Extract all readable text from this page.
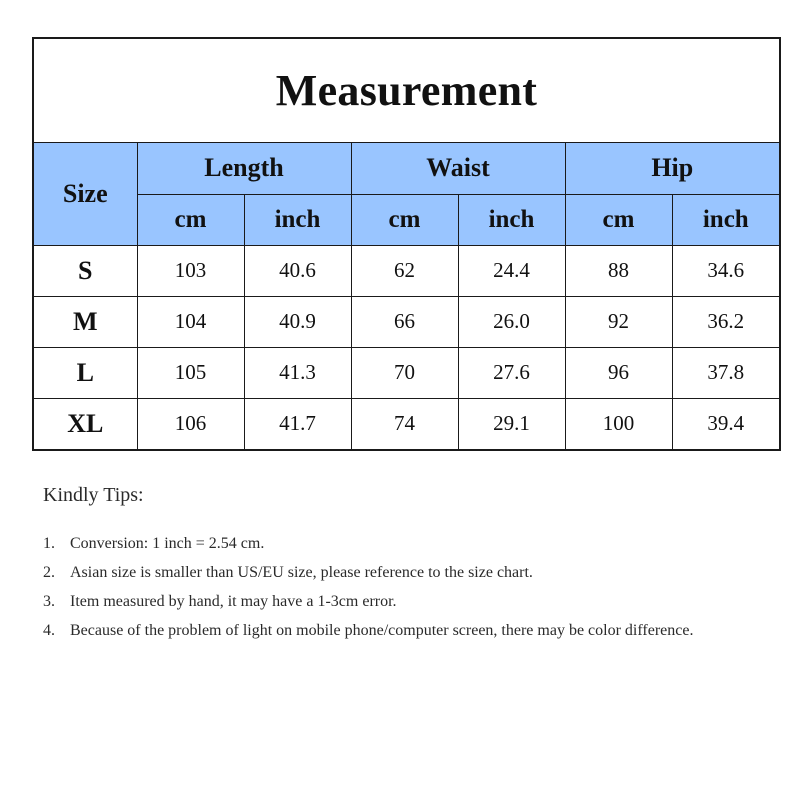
Measurement
Size	Length		Waist		Hip	
	cm	inch	cm	inch	cm	inch
S	103	40.6	62	24.4	88	34.6
M	104	40.9	66	26.0	92	36.2
L	105	41.3	70	27.6	96	37.8
XL	106	41.7	74	29.1	100	39.4
Kindly Tips:
1. Conversion: 1 inch = 2.54 cm.
2. Asian size is smaller than US/EU size, please reference to the size chart.
3. Item measured by hand, it may have a 1-3cm error.
4. Because of the problem of light on mobile phone/computer screen, there may be color difference.
